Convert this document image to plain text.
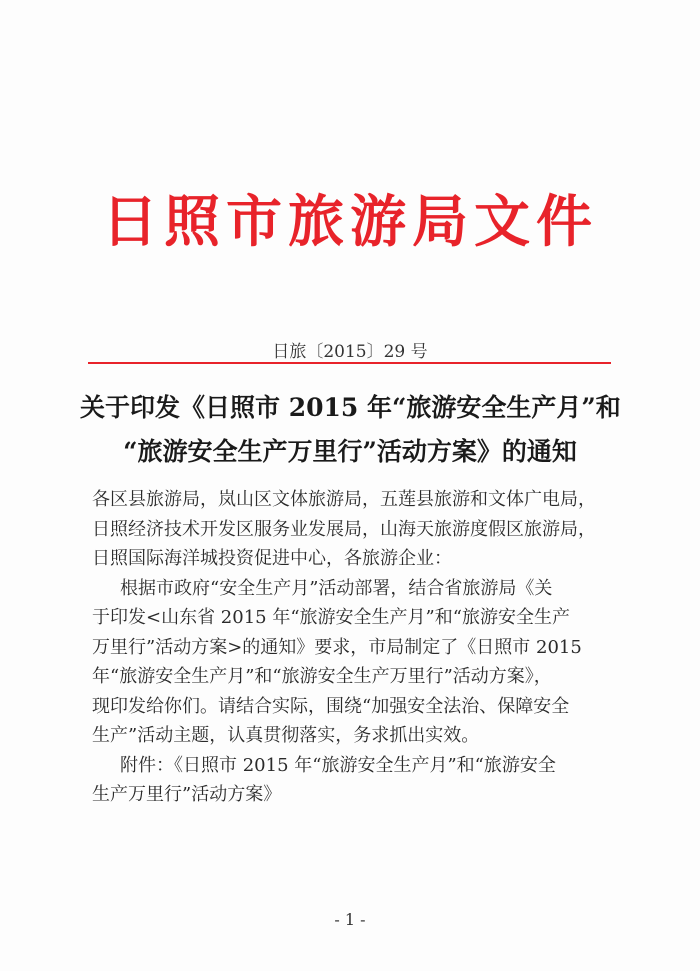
日照市旅游局文件
日旅〔2015〕29 号
关于印发《日照市 2015 年“旅游安全生产月”和
“旅游安全生产万里行”活动方案》的通知
各区县旅游局，岚山区文体旅游局，五莲县旅游和文体广电局，
日照经济技术开发区服务业发展局，山海天旅游度假区旅游局，
日照国际海洋城投资促进中心，各旅游企业：
根据市政府“安全生产月”活动部署，结合省旅游局《关
于印发<山东省 2015 年“旅游安全生产月”和“旅游安全生产
万里行”活动方案>的通知》要求，市局制定了《日照市 2015
年“旅游安全生产月”和“旅游安全生产万里行”活动方案》，
现印发给你们。请结合实际，围绕“加强安全法治、保障安全
生产”活动主题，认真贯彻落实，务求抓出实效。
附件：《日照市 2015 年“旅游安全生产月”和“旅游安全
生产万里行”活动方案》
- 1 -
